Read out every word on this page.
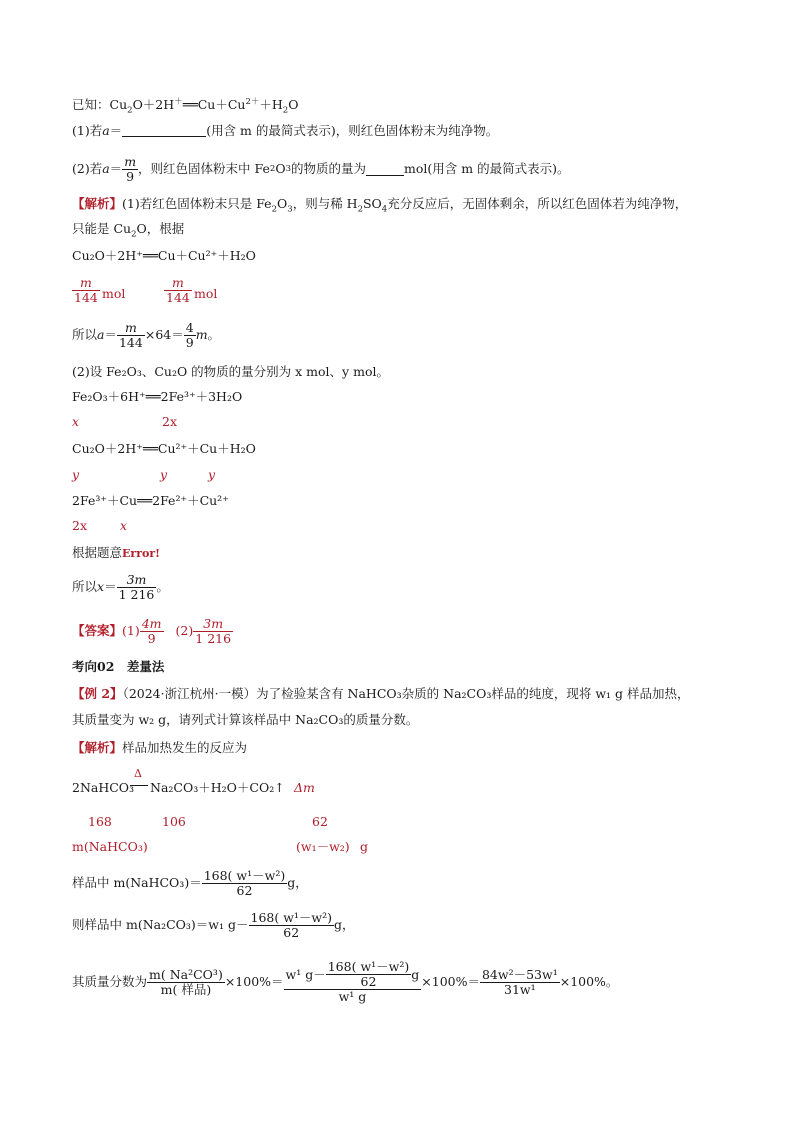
已知：$Cu_2O+2H^+══Cu+Cu^{2+}+H_2O$
(1)若a＝	(用含 m 的最简式表示)，则红色固体粉末为纯净物。
(2)若 $a = \frac{m}{9}$ ，则红色固体粉末中 Fe 2 O 3 的物质的量为	mol(用含 m 的最简式表示)。
【解析】(1)若红色固体粉末只是 $Fe_2O_3$，则与稀 $H_2SO_4$充分反应后，无固体剩余，所以红色固体若为纯净物，
只能是 $Cu_2O$，根据
Cu₂O＋2H⁺══Cu＋Cu²⁺＋H₂O
$\frac{m}{144}$ mol	$\frac{m}{144}$ mol
所以 $a = \frac{m}{144} \times 64= \frac{4}{9}$ m 。
(2)设 Fe₂O₃、Cu₂O 的物质的量分别为 x mol、y mol。
Fe₂O₃＋6H⁺══2Fe³⁺＋3H₂O
x	2x
Cu₂O＋2H⁺══Cu²⁺＋Cu＋H₂O
y	y	y
2Fe³⁺＋Cu══2Fe²⁺＋Cu²⁺
2x	x
根据题意Error!
所以 $x = \frac{3m}{1 216}$ 。
【答案】 $(1) \frac{4m}{9} (2) \frac{3m}{1 216}$
考向02　差量法
【例 2】（2024·浙江杭州·一模）为了检验某含有 NaHCO₃杂质的 Na₂CO₃样品的纯度，现将 w₁ g 样品加热，
其质量变为 w₂ g，请列式计算该样品中 Na₂CO₃的质量分数。
【解析】样品加热发生的反应为
2NaHCO₃
Δ
Na₂CO₃＋H₂O＋CO₂↑ Δm
168	106	62
m(NaHCO₃)	(w₁－w₂) g
样品中 m(NaHCO₃)＝ $\frac{\text{168( w¹－w²)}}{62}$ g，
则样品中 m(Na₂CO₃)＝w₁ $g- \frac{\text{168( w¹－w²)}}{62}$ g，
其质量分数为 $\frac{\text{m( Na²CO³)}}{\text{m( 样品)}} \times 100\%= \frac{w^1 g- \frac{\text{168( w¹－w²)}}{62} g}{\text{w¹ g}} \times 100\%= \frac{\text{84w²－53w¹}}{\text{31w¹}} \times 100\%$。
